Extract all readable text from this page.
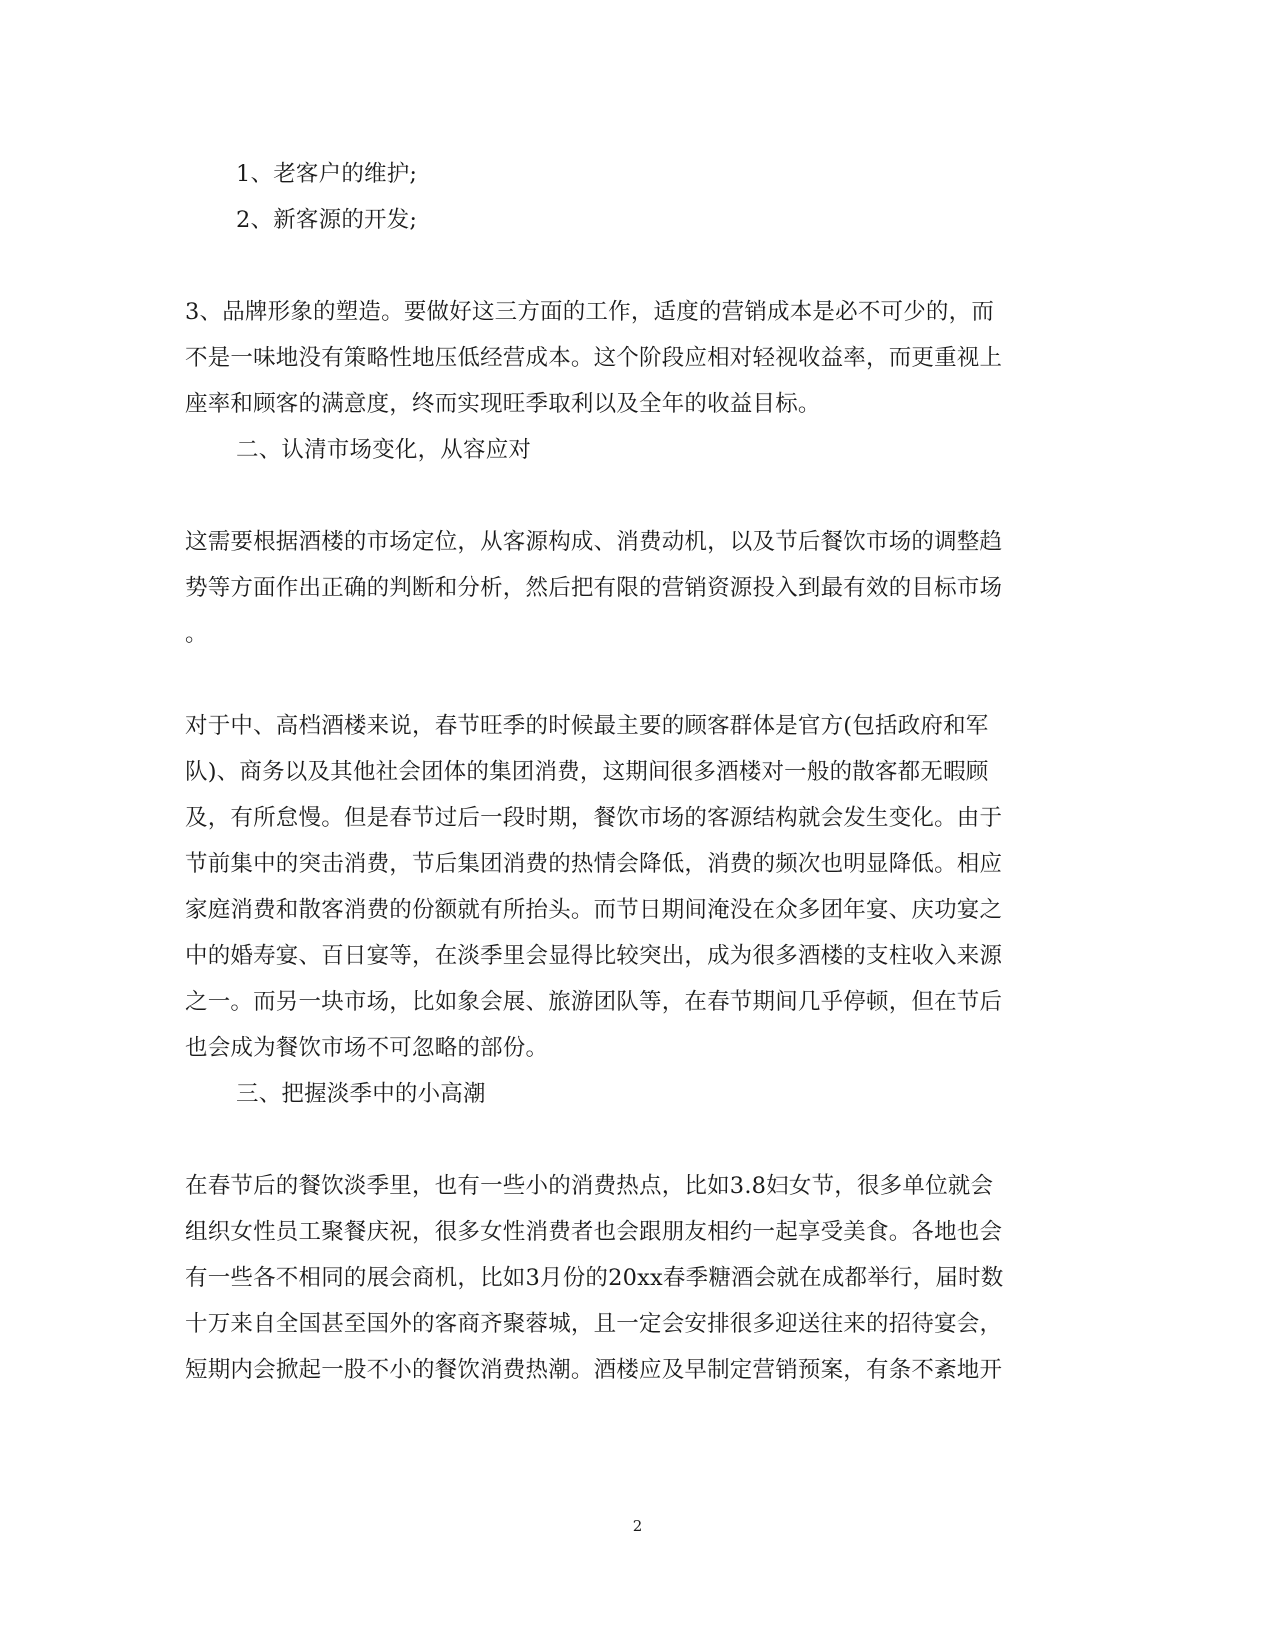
1、老客户的维护;
2、新客源的开发;
3、品牌形象的塑造。要做好这三方面的工作，适度的营销成本是必不可少的，而
不是一味地没有策略性地压低经营成本。这个阶段应相对轻视收益率，而更重视上
座率和顾客的满意度，终而实现旺季取利以及全年的收益目标。
二、认清市场变化，从容应对
这需要根据酒楼的市场定位，从客源构成、消费动机，以及节后餐饮市场的调整趋
势等方面作出正确的判断和分析，然后把有限的营销资源投入到最有效的目标市场
。
对于中、高档酒楼来说，春节旺季的时候最主要的顾客群体是官方(包括政府和军
队)、商务以及其他社会团体的集团消费，这期间很多酒楼对一般的散客都无暇顾
及，有所怠慢。但是春节过后一段时期，餐饮市场的客源结构就会发生变化。由于
节前集中的突击消费，节后集团消费的热情会降低，消费的频次也明显降低。相应
家庭消费和散客消费的份额就有所抬头。而节日期间淹没在众多团年宴、庆功宴之
中的婚寿宴、百日宴等，在淡季里会显得比较突出，成为很多酒楼的支柱收入来源
之一。而另一块市场，比如象会展、旅游团队等，在春节期间几乎停顿，但在节后
也会成为餐饮市场不可忽略的部份。
三、把握淡季中的小高潮
在春节后的餐饮淡季里，也有一些小的消费热点，比如3.8妇女节，很多单位就会
组织女性员工聚餐庆祝，很多女性消费者也会跟朋友相约一起享受美食。各地也会
有一些各不相同的展会商机，比如3月份的20xx春季糖酒会就在成都举行，届时数
十万来自全国甚至国外的客商齐聚蓉城，且一定会安排很多迎送往来的招待宴会，
短期内会掀起一股不小的餐饮消费热潮。酒楼应及早制定营销预案，有条不紊地开
2
